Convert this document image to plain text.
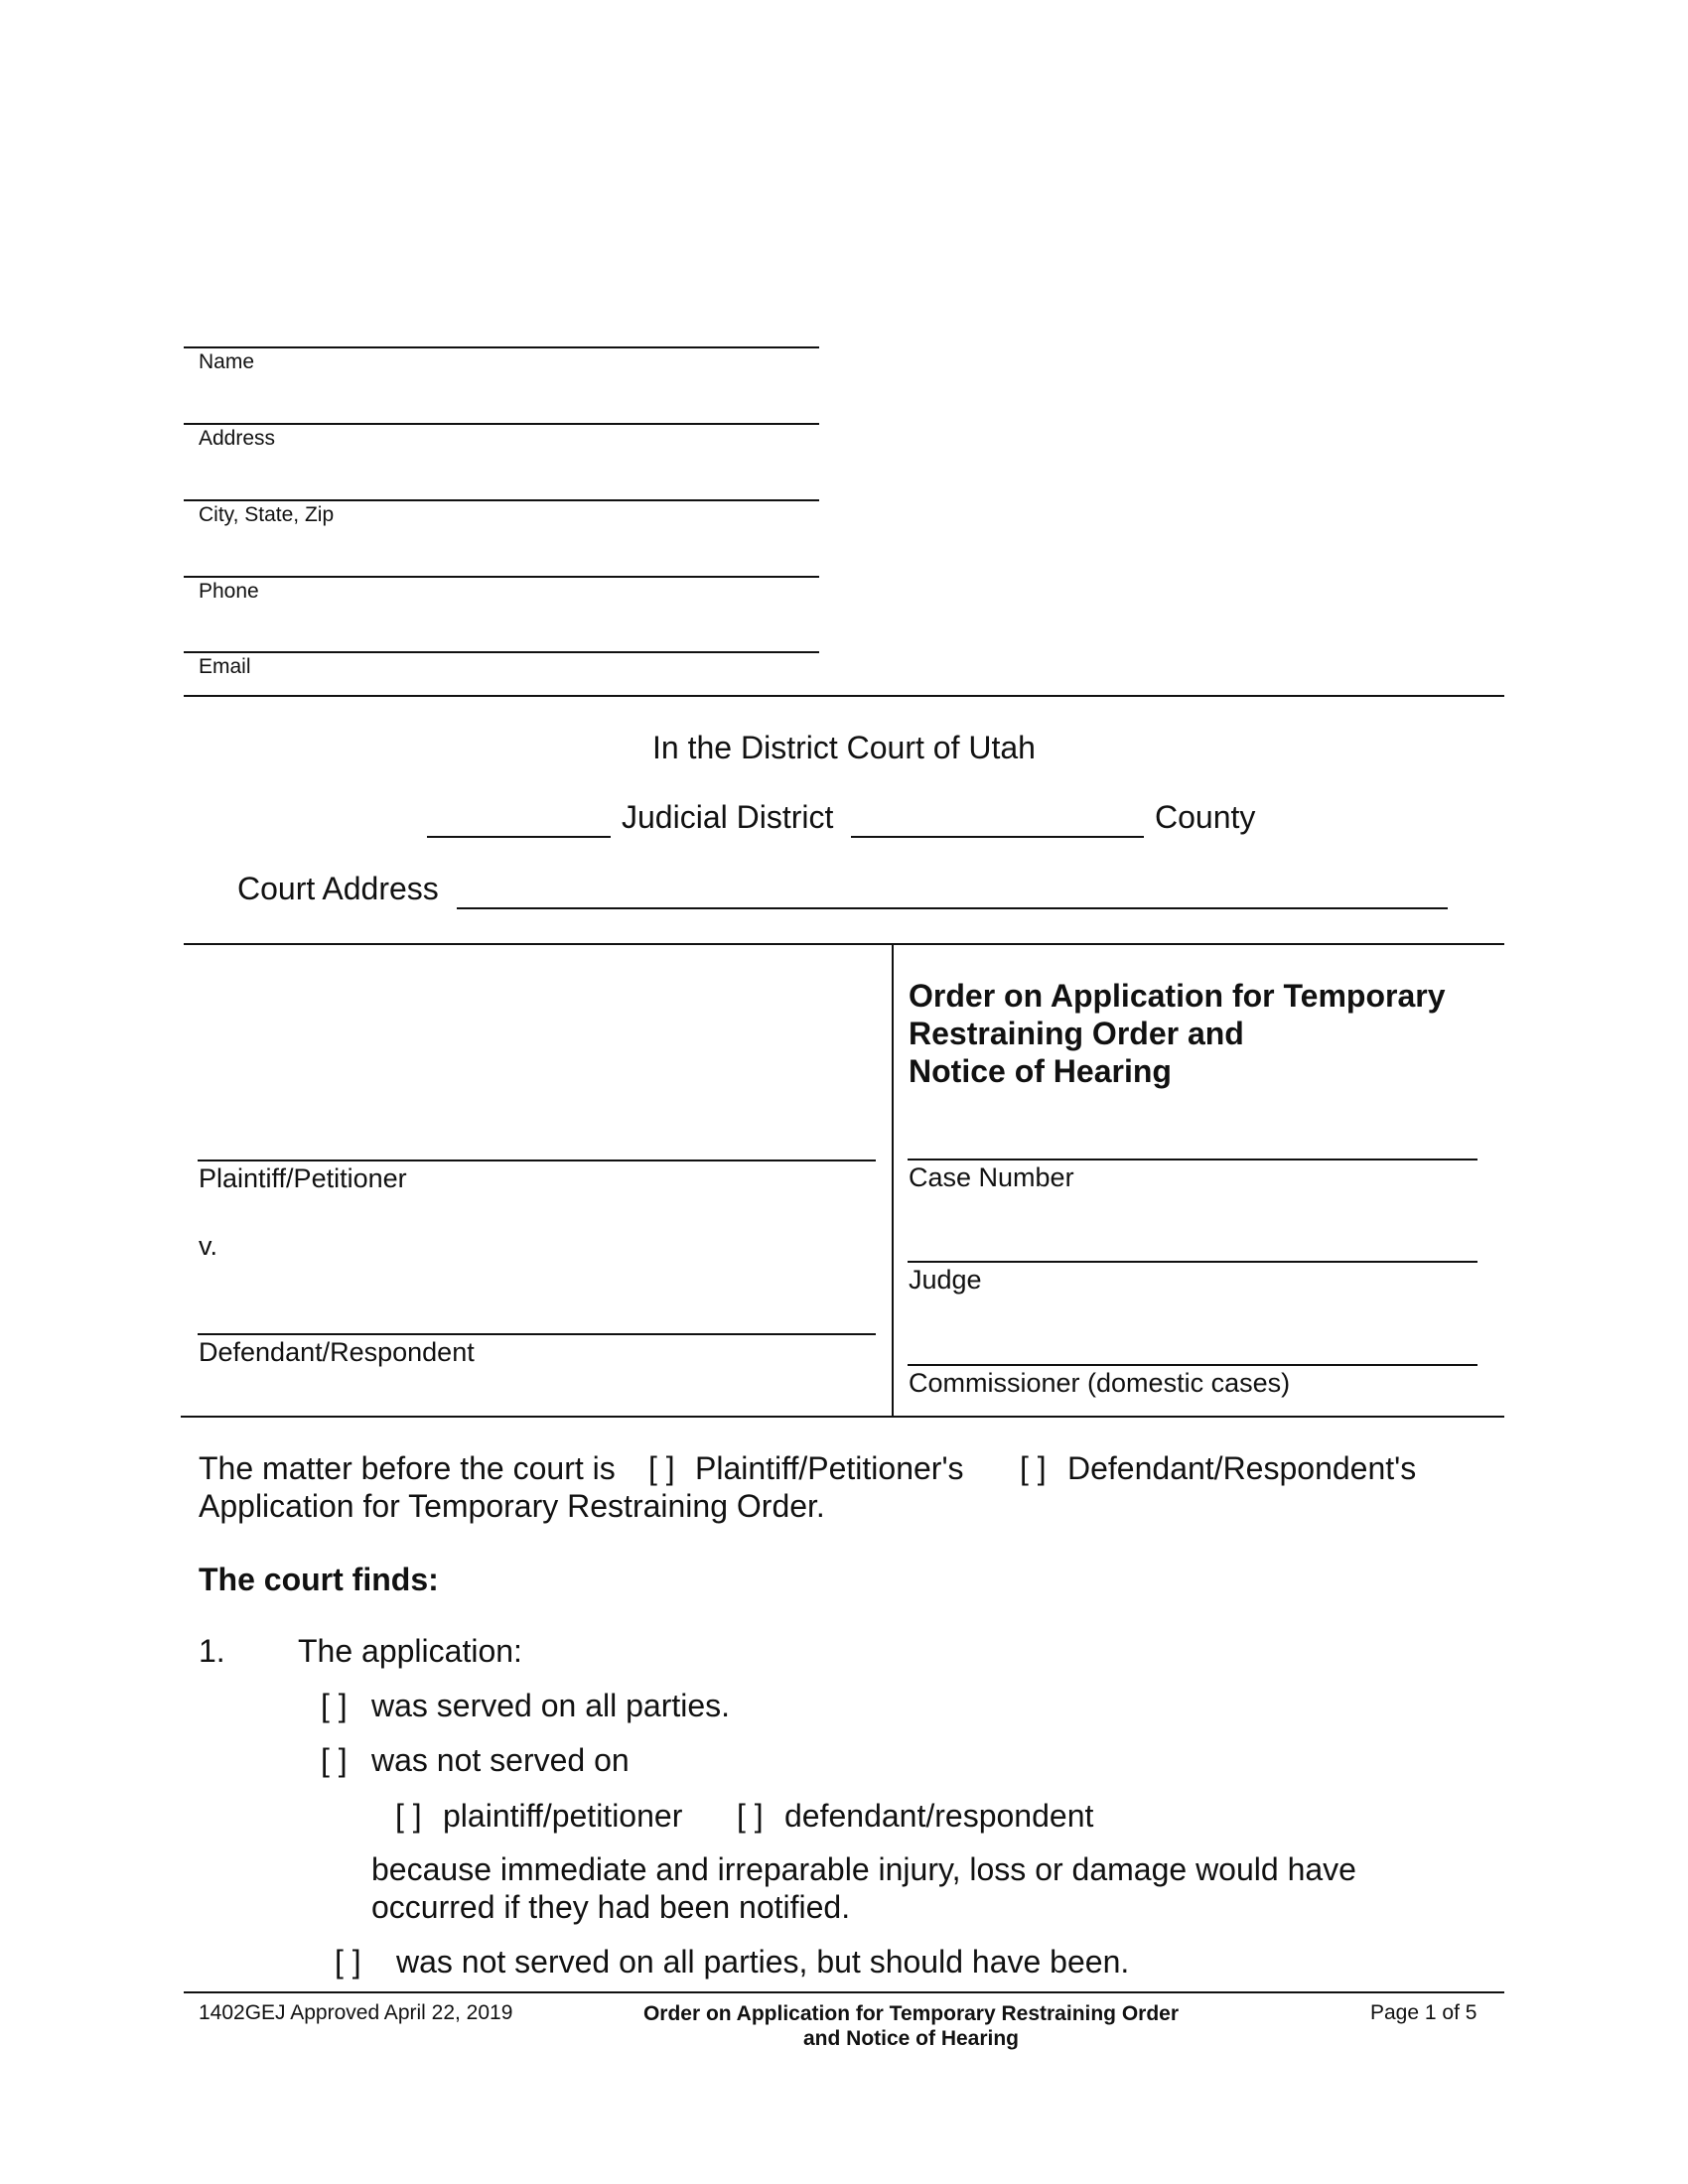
Name
Address
City, State, Zip
Phone
Email
In the District Court of Utah
Judicial District	County
Court Address
Order on Application for Temporary
Restraining Order and
Notice of Hearing
Plaintiff/Petitioner
v.
Defendant/Respondent
Case Number
Judge
Commissioner (domestic cases)
The matter before the court is [ ] Plaintiff/Petitioner's [ ] Defendant/Respondent's
Application for Temporary Restraining Order.
The court finds:
1. The application:
[ ] was served on all parties.
[ ] was not served on
[ ] plaintiff/petitioner [ ] defendant/respondent
because immediate and irreparable injury, loss or damage would have
occurred if they had been notified.
[ ] was not served on all parties, but should have been.
1402GEJ Approved April 22, 2019	Order on Application for Temporary Restraining Order
and Notice of Hearing
Page 1 of 5
